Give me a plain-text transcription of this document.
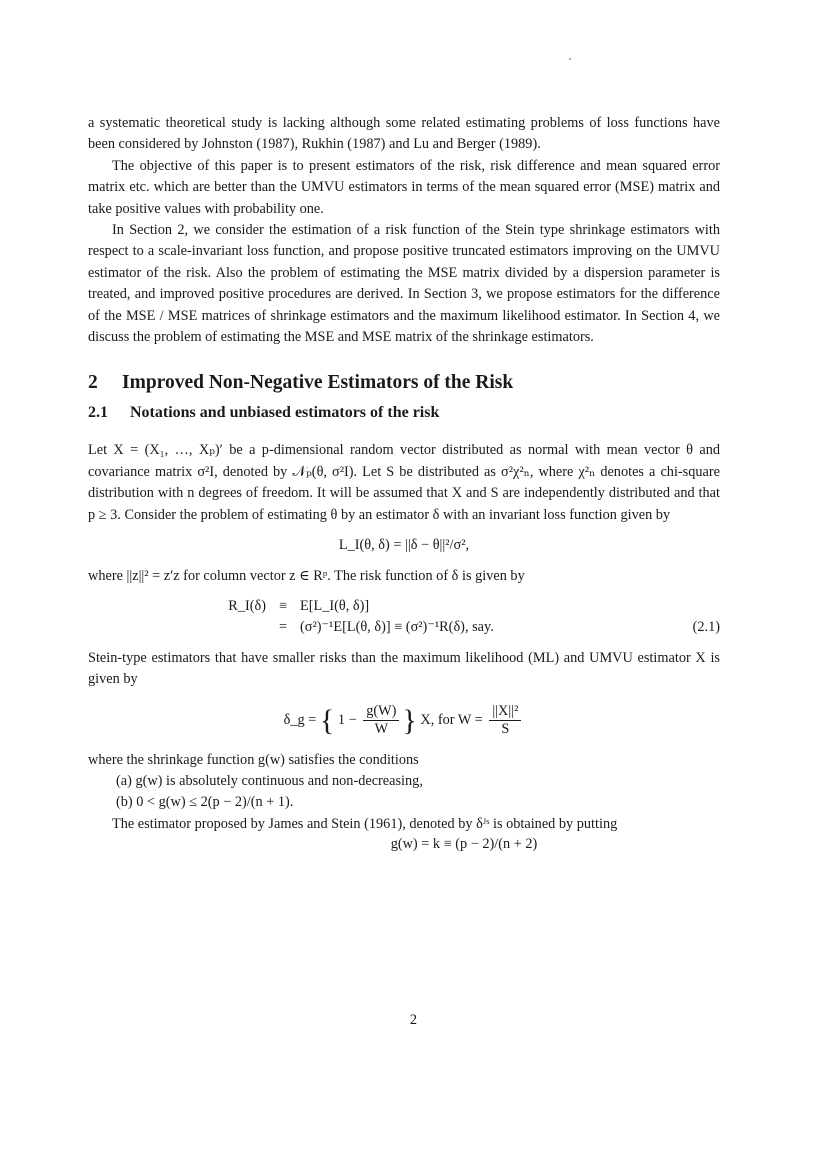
a systematic theoretical study is lacking although some related estimating problems of loss functions have been considered by Johnston (1987), Rukhin (1987) and Lu and Berger (1989).

The objective of this paper is to present estimators of the risk, risk difference and mean squared error matrix etc. which are better than the UMVU estimators in terms of the mean squared error (MSE) matrix and take positive values with probability one.

In Section 2, we consider the estimation of a risk function of the Stein type shrinkage estimators with respect to a scale-invariant loss function, and propose positive truncated estimators improving on the UMVU estimator of the risk. Also the problem of estimating the MSE matrix divided by a dispersion parameter is treated, and improved positive procedures are derived. In Section 3, we propose estimators for the difference of the MSE / MSE matrices of shrinkage estimators and the maximum likelihood estimator. In Section 4, we discuss the problem of estimating the MSE and MSE matrix of the shrinkage estimators.

2 Improved Non-Negative Estimators of the Risk
2.1 Notations and unbiased estimators of the risk

Let X = (X₁, …, Xₚ)′ be a p-dimensional random vector distributed as normal with mean vector θ and covariance matrix σ²I, denoted by 𝒩ₚ(θ, σ²I). Let S be distributed as σ²χ²ₙ, where χ²ₙ denotes a chi-square distribution with n degrees of freedom. It will be assumed that X and S are independently distributed and that p ≥ 3. Consider the problem of estimating θ by an estimator δ with an invariant loss function given by

L_I(θ, δ) = ||δ − θ||²/σ²,

where ||z||² = z′z for column vector z ∈ Rᵖ. The risk function of δ is given by

R_I(δ) ≡ E[L_I(θ, δ)]
= (σ²)⁻¹E[L(θ, δ)] ≡ (σ²)⁻¹R(δ), say.	(2.1)

Stein-type estimators that have smaller risks than the maximum likelihood (ML) and UMVU estimator X is given by

δ_g = { $1 - \frac{g(W)}{W}$ } X, for $W = \frac{\text{||X||²}}{S}$

where the shrinkage function g(w) satisfies the conditions

(a) g(w) is absolutely continuous and non-decreasing,

(b) 0 < g(w) ≤ 2(p − 2)/(n + 1).

The estimator proposed by James and Stein (1961), denoted by δᴶˢ is obtained by putting

g(w) = k ≡ (p − 2)/(n + 2)
2
